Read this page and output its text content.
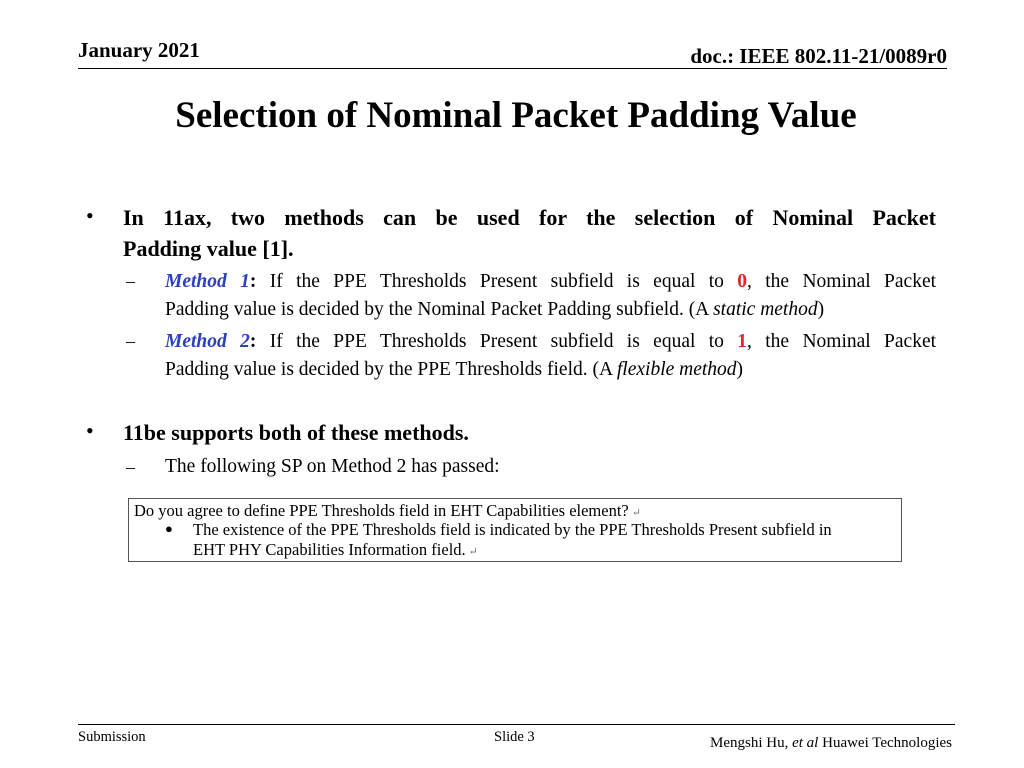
January 2021	doc.: IEEE 802.11-21/0089r0
Selection of Nominal Packet Padding Value
• In 11ax, two methods can be used for the selection of Nominal Packet
Padding value [1].
– Method 1: If the PPE Thresholds Present subfield is equal to 0, the Nominal Packet
Padding value is decided by the Nominal Packet Padding subfield. (A static method)
– Method 2: If the PPE Thresholds Present subfield is equal to 1, the Nominal Packet
Padding value is decided by the PPE Thresholds field. (A flexible method)
• 11be supports both of these methods.
– The following SP on Method 2 has passed:
Do you agree to define PPE Thresholds field in EHT Capabilities element? ↵
● The existence of the PPE Thresholds field is indicated by the PPE Thresholds Present subfield in
EHT PHY Capabilities Information field. ↵
Submission	Slide 3	Mengshi Hu, et al Huawei Technologies
